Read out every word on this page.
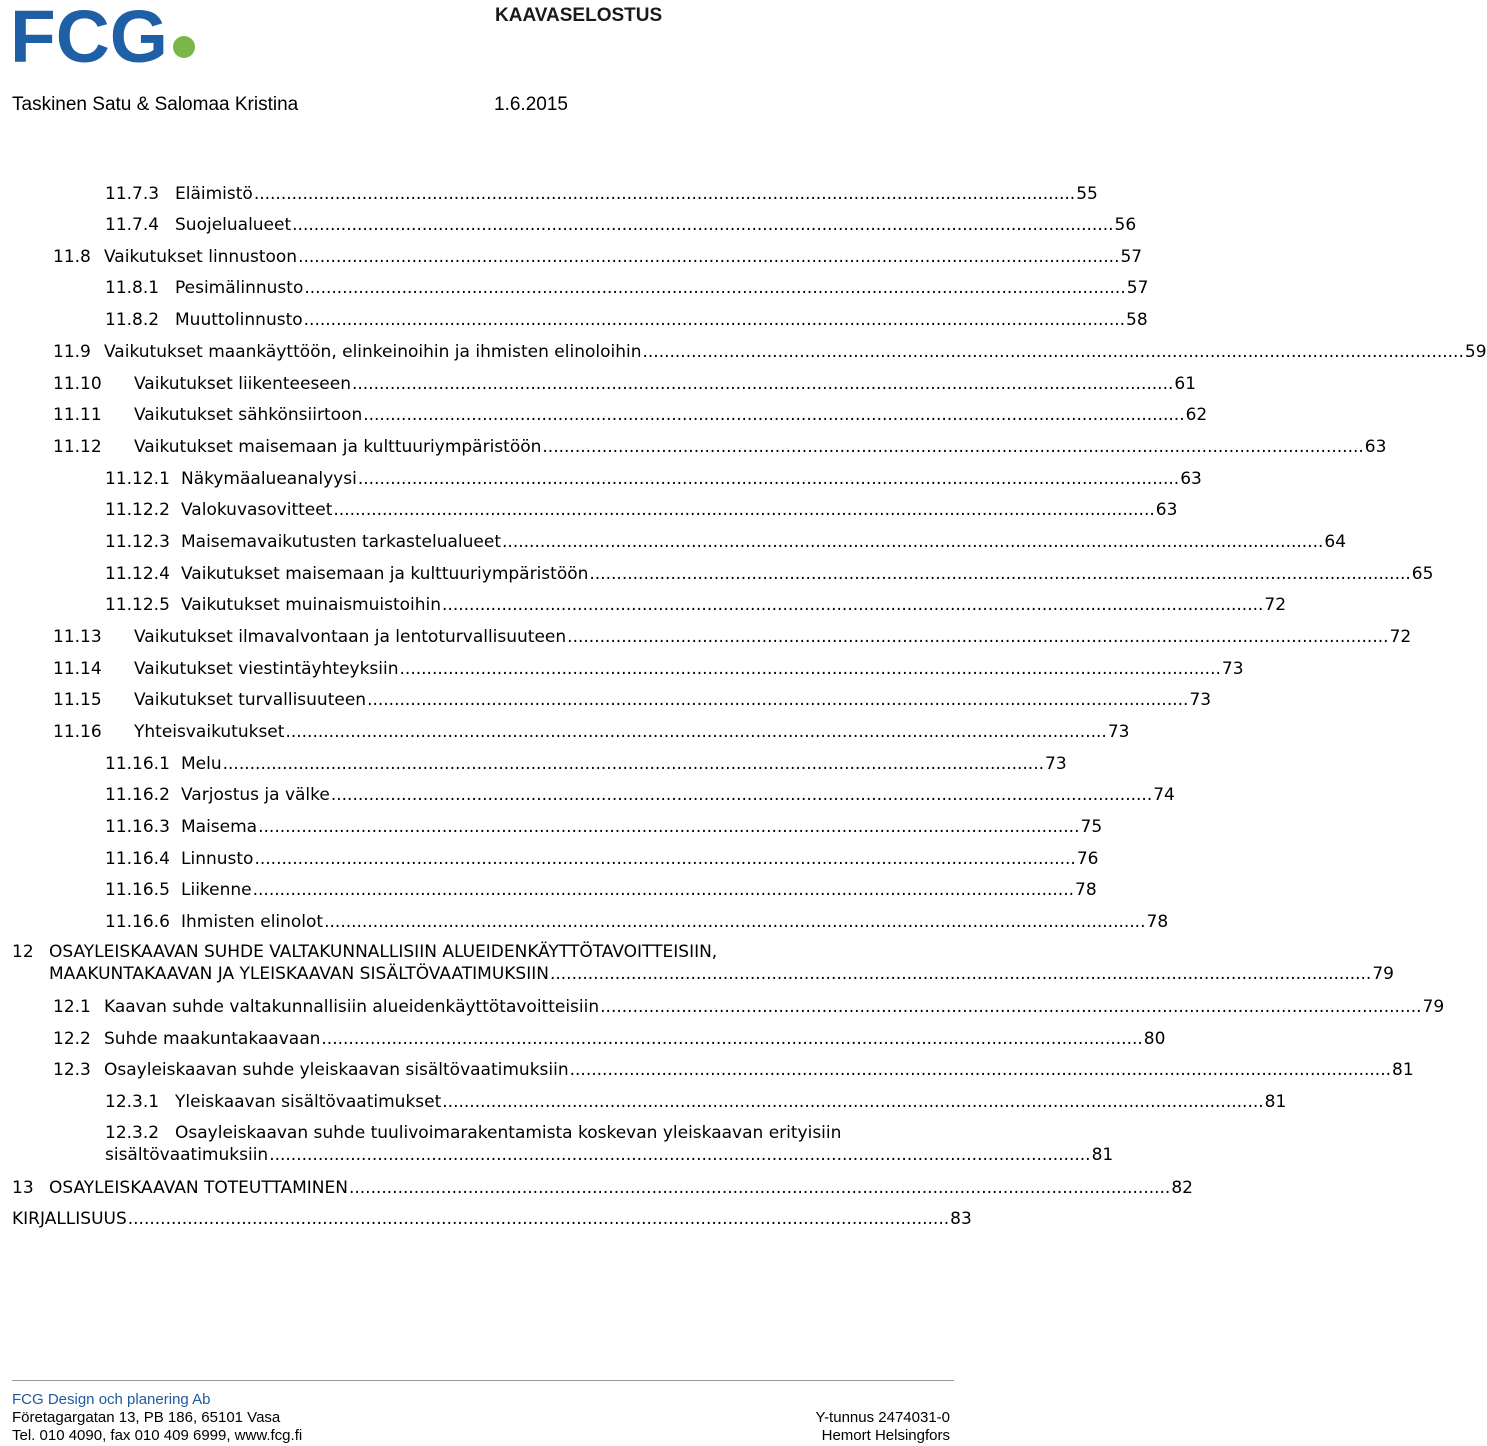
FCG	KAAVASELOSTUS
Taskinen Satu & Salomaa Kristina	1.6.2015
11.7.3 Eläimistö ........................................................................................................................................................ 55
11.7.4 Suojelualueet ........................................................................................................................................................ 56
11.8 Vaikutukset linnustoon ........................................................................................................................................................ 57
11.8.1 Pesimälinnusto ........................................................................................................................................................ 57
11.8.2 Muuttolinnusto ........................................................................................................................................................ 58
11.9 Vaikutukset maankäyttöön, elinkeinoihin ja ihmisten elinoloihin ........................................................................................................................................................ 59
11.10	Vaikutukset liikenteeseen ........................................................................................................................................................ 61
11.11	Vaikutukset sähkönsiirtoon ........................................................................................................................................................ 62
11.12	Vaikutukset maisemaan ja kulttuuriympäristöön ........................................................................................................................................................ 63
11.12.1 Näkymäalueanalyysi ........................................................................................................................................................ 63
11.12.2 Valokuvasovitteet ........................................................................................................................................................ 63
11.12.3 Maisemavaikutusten tarkastelualueet ........................................................................................................................................................ 64
11.12.4 Vaikutukset maisemaan ja kulttuuriympäristöön ........................................................................................................................................................ 65
11.12.5 Vaikutukset muinaismuistoihin ........................................................................................................................................................ 72
11.13	Vaikutukset ilmavalvontaan ja lentoturvallisuuteen ........................................................................................................................................................ 72
11.14	Vaikutukset viestintäyhteyksiin ........................................................................................................................................................ 73
11.15	Vaikutukset turvallisuuteen ........................................................................................................................................................ 73
11.16	Yhteisvaikutukset ........................................................................................................................................................ 73
11.16.1 Melu ........................................................................................................................................................ 73
11.16.2 Varjostus ja välke ........................................................................................................................................................ 74
11.16.3 Maisema ........................................................................................................................................................ 75
11.16.4 Linnusto ........................................................................................................................................................ 76
11.16.5 Liikenne ........................................................................................................................................................ 78
11.16.6 Ihmisten elinolot ........................................................................................................................................................ 78
12 OSAYLEISKAAVAN SUHDE VALTAKUNNALLISIIN ALUEIDENKÄYTTÖTAVOITTEISIIN,
MAAKUNTAKAAVAN JA YLEISKAAVAN SISÄLTÖVAATIMUKSIIN ........................................................................................................................................................ 79
12.1 Kaavan suhde valtakunnallisiin alueidenkäyttötavoitteisiin ........................................................................................................................................................ 79
12.2 Suhde maakuntakaavaan ........................................................................................................................................................ 80
12.3 Osayleiskaavan suhde yleiskaavan sisältövaatimuksiin ........................................................................................................................................................ 81
12.3.1 Yleiskaavan sisältövaatimukset ........................................................................................................................................................ 81
12.3.2 Osayleiskaavan suhde tuulivoimarakentamista koskevan yleiskaavan erityisiin
sisältövaatimuksiin ........................................................................................................................................................ 81
13 OSAYLEISKAAVAN TOTEUTTAMINEN ........................................................................................................................................................ 82
KIRJALLISUUS ........................................................................................................................................................ 83
FCG Design och planering Ab
Företagargatan 13, PB 186, 65101 Vasa	Y-tunnus 2474031-0
Tel. 010 4090, fax 010 409 6999, www.fcg.fi	Hemort Helsingfors
